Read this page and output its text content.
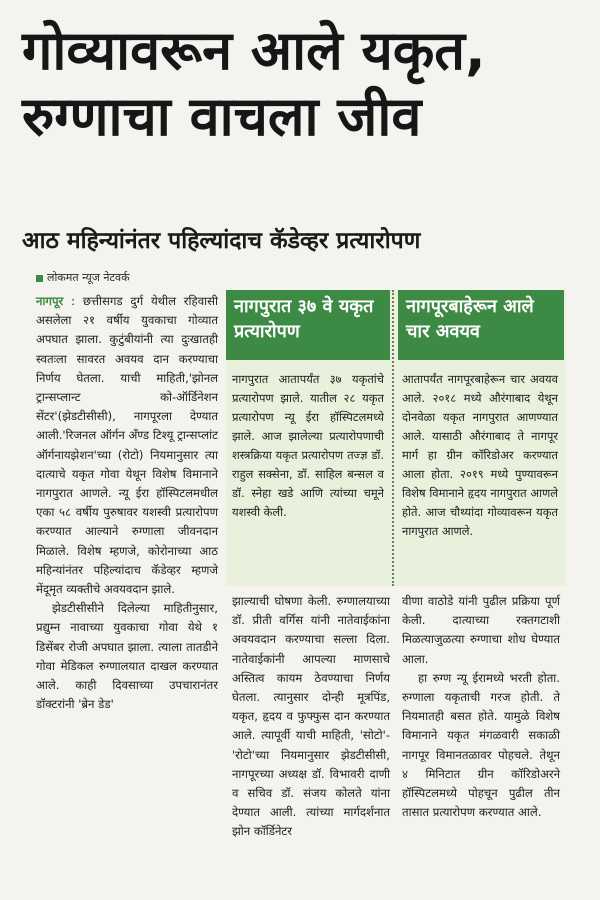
गोव्यावरून आले यकृत,
रुग्णाचा वाचला जीव
आठ महिन्यांनंतर पहिल्यांदाच कॅडेव्हर प्रत्यारोपण
लोकमत न्यूज नेटवर्क

नागपूर : छत्तीसगड दुर्ग येथील रहिवासी असलेला २१ वर्षीय युवकाचा गोव्यात अपघात झाला. कुटुंबीयांनी त्या दुःखातही स्वतःला सावरत अवयव दान करण्याचा निर्णय घेतला. याची माहिती,'झोनल ट्रान्सप्लान्ट को-ऑर्डिनेशन सेंटर'(झेडटीसीसी), नागपूरला देण्यात आली.'रिजनल ऑर्गन अँण्ड टिश्यू ट्रान्सप्लांट ऑर्गनायझेशन'च्या (रोटो) नियमानुसार त्या दात्याचे यकृत गोवा येथून विशेष विमानाने नागपुरात आणले. न्यू ईरा हॉस्पिटलमधील एका ५८ वर्षीय पुरुषावर यशस्वी प्रत्यारोपण करण्यात आल्याने रुग्णाला जीवनदान मिळाले. विशेष म्हणजे, कोरोनाच्या आठ महिन्यांनंतर पहिल्यांदाच कॅडेव्हर म्हणजे मेंदूमृत व्यक्तीचे अवयवदान झाले.

झेडटीसीसीने दिलेल्या माहितीनुसार, प्रद्युम्न नावाच्या युवकाचा गोवा येथे १ डिसेंबर रोजी अपघात झाला. त्याला तातडीने गोवा मेडिकल रुग्णालयात दाखल करण्यात आले. काही दिवसाच्या उपचारानंतर डॉक्टरांनी 'ब्रेन डेड'

नागपुरात ३७ वे यकृत प्रत्यारोपण
नागपुरात आतापर्यंत ३७ यकृतांचे प्रत्यारोपण झाले. यातील २८ यकृत प्रत्यारोपण न्यू ईरा हॉस्पिटलमध्ये झाले. आज झालेल्या प्रत्यारोपणाची शस्त्रक्रिया यकृत प्रत्यारोपण तज्ज्ञ डॉ. राहुल सक्सेना, डॉ. साहिल बन्सल व डॉ. स्नेहा खडे आणि त्यांच्या चमूने यशस्वी केली.
नागपूरबाहेरून आले चार अवयव
आतापर्यंत नागपूरबाहेरून चार अवयव आले. २०१८ मध्ये औरंगाबाद येथून दोनवेळा यकृत नागपुरात आणण्यात आले. यासाठी औरंगाबाद ते नागपूर मार्ग हा ग्रीन कॉरिडोअर करण्यात आला होता. २०१९ मध्ये पुण्यावरून विशेष विमानाने हृदय नागपुरात आणले होते. आज चौथ्यांदा गोव्यावरून यकृत नागपुरात आणले.

झाल्याची घोषणा केली. रुग्णालयाच्या डॉ. प्रीती वर्गिस यांनी नातेवाईकांना अवयवदान करण्याचा सल्ला दिला. नातेवाईकांनी आपल्या माणसाचे अस्तित्व कायम ठेवण्याचा निर्णय घेतला. त्यानुसार दोन्ही मूत्रपिंड, यकृत, हृदय व फुफ्फुस दान करण्यात आले. त्यापूर्वी याची माहिती, 'सोटो'-'रोटो'च्या नियमानुसार झेडटीसीसी, नागपूरच्या अध्यक्ष डॉ. विभावरी दाणी व सचिव डॉ. संजय कोलते यांना देण्यात आली. त्यांच्या मार्गदर्शनात झोन कॉर्डिनेटर

वीणा वाठोडे यांनी पुढील प्रक्रिया पूर्ण केली. दात्याच्या रक्तगटाशी मिळत्याजुळत्या रुग्णाचा शोध घेण्यात आला.

हा रुग्ण न्यू ईरामध्ये भरती होता. रुग्णाला यकृताची गरज होती. ते नियमातही बसत होते. यामुळे विशेष विमानाने यकृत मंगळवारी सकाळी नागपूर विमानतळावर पोहचले. तेथून ४ मिनिटात ग्रीन कॉरिडोअरने हॉस्पिटलमध्ये पोहचून पुढील तीन तासात प्रत्यारोपण करण्यात आले.
